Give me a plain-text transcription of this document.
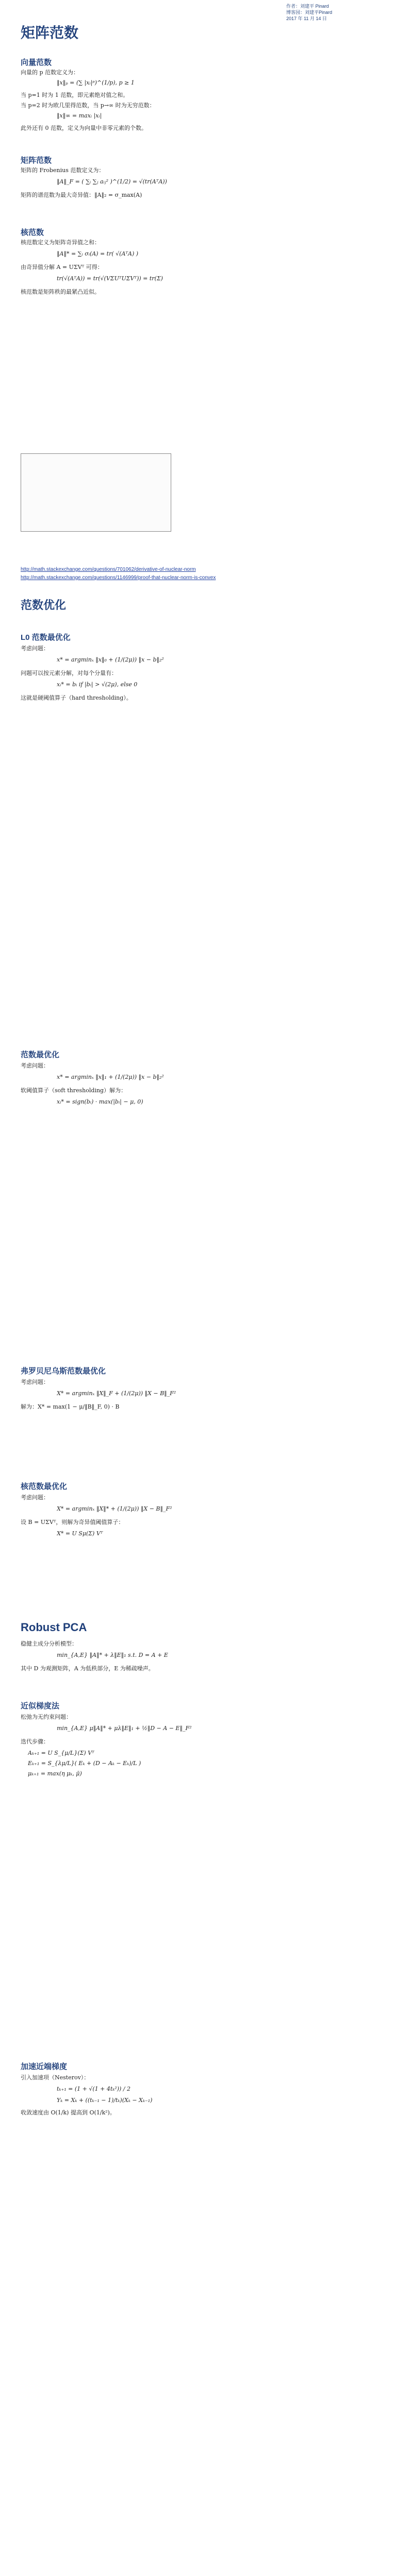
作者：刘建平 Pinard
博客园：刘建平Pinard
2017 年 11 月 14 日
矩阵范数
向量范数
向量的 p 范数定义为：
‖x‖ₚ = (∑ |xᵢ|ᵖ)^(1/p), p ≥ 1
当 p=1 时为 1 范数，即元素绝对值之和。
当 p=2 时为欧几里得范数，当 p→∞ 时为无穷范数：
‖x‖∞ = maxᵢ |xᵢ|
此外还有 0 范数，定义为向量中非零元素的个数。
矩阵范数
矩阵的 Frobenius 范数定义为：
‖A‖_F = ( ∑ᵢ ∑ⱼ aᵢⱼ² )^(1/2) = √(tr(AᵀA))
矩阵的谱范数为最大奇异值：‖A‖₂ = σ_max(A)
核范数
核范数定义为矩阵奇异值之和：
‖A‖* = ∑ᵢ σᵢ(A) = tr( √(AᵀA) )
由奇异值分解 A = UΣVᵀ 可得：
tr(√(AᵀA)) = tr(√(VΣUᵀUΣVᵀ)) = tr(Σ)
核范数是矩阵秩的最紧凸近似。
http://math.stackexchange.com/questions/701062/derivative-of-nuclear-norm
http://math.stackexchange.com/questions/1146999/proof-that-nuclear-norm-is-convex
范数优化
L0 范数最优化
考虑问题：
x* = argminₓ ‖x‖₀ + (1/(2μ)) ‖x − b‖₂²
问题可以按元素分解，对每个分量有：
xᵢ* = bᵢ if |bᵢ| > √(2μ), else 0
这就是硬阈值算子（hard thresholding）。
范数最优化
考虑问题：
x* = argminₓ ‖x‖₁ + (1/(2μ)) ‖x − b‖₂²
软阈值算子（soft thresholding）解为：
xᵢ* = sign(bᵢ) · max(|bᵢ| − μ, 0)
弗罗贝尼乌斯范数最优化
考虑问题：
X* = argminₓ ‖X‖_F + (1/(2μ)) ‖X − B‖_F²
解为：X* = max(1 − μ/‖B‖_F, 0) · B
核范数最优化
考虑问题：
X* = argminₓ ‖X‖* + (1/(2μ)) ‖X − B‖_F²
设 B = UΣVᵀ，则解为奇异值阈值算子：
X* = U Sμ(Σ) Vᵀ
Robust PCA
稳健主成分分析模型：
min_{A,E} ‖A‖* + λ‖E‖₁ s.t. D = A + E
其中 D 为观测矩阵，A 为低秩部分，E 为稀疏噪声。
近似梯度法
松弛为无约束问题：
min_{A,E} μ‖A‖* + μλ‖E‖₁ + ½‖D − A − E‖_F²
迭代步骤：
Aₖ₊₁ = U S_{μ/L}(Σ) Vᵀ
Eₖ₊₁ = S_{λμ/L}( Eₖ + (D − Aₖ − Eₖ)/L )
μₖ₊₁ = max(η μₖ, μ̄)
加速近端梯度
引入加速项（Nesterov）：
tₖ₊₁ = (1 + √(1 + 4tₖ²)) / 2
Yₖ = Xₖ + ((tₖ₋₁ − 1)/tₖ)(Xₖ − Xₖ₋₁)
收敛速度由 O(1/k) 提高到 O(1/k²)。
